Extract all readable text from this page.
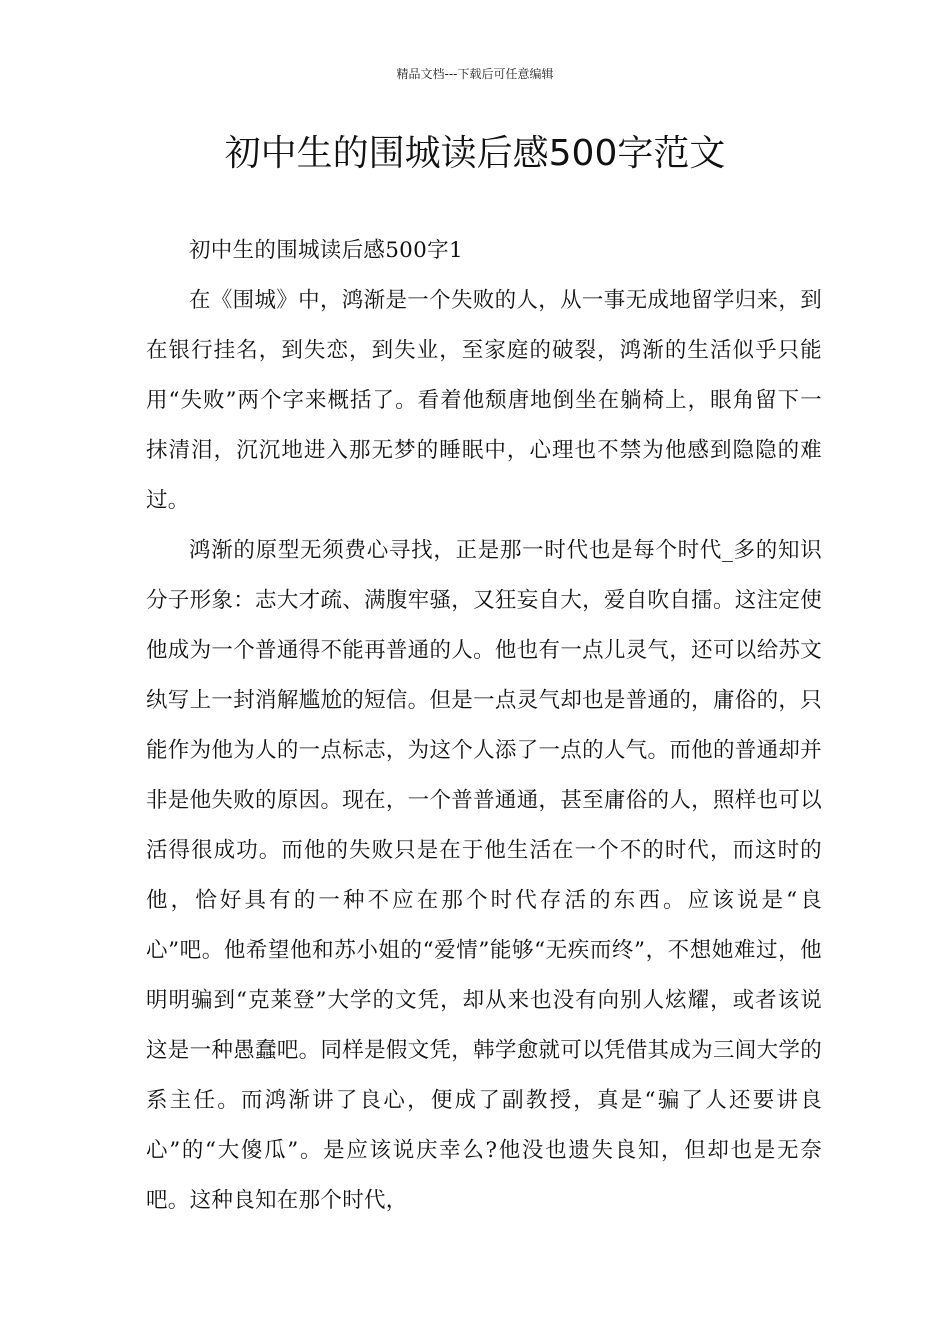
精品文档---下载后可任意编辑
初中生的围城读后感500字范文

初中生的围城读后感500字1

在《围城》中，鸿渐是一个失败的人，从一事无成地留学归来，到在银行挂名，到失恋，到失业，至家庭的破裂，鸿渐的生活似乎只能用“失败”两个字来概括了。看着他颓唐地倒坐在躺椅上，眼角留下一抹清泪，沉沉地进入那无梦的睡眠中，心理也不禁为他感到隐隐的难过。

鸿渐的原型无须费心寻找，正是那一时代也是每个时代_多的知识分子形象：志大才疏、满腹牢骚，又狂妄自大，爱自吹自擂。这注定使他成为一个普通得不能再普通的人。他也有一点儿灵气，还可以给苏文纨写上一封消解尴尬的短信。但是一点灵气却也是普通的，庸俗的，只能作为他为人的一点标志，为这个人添了一点的人气。而他的普通却并非是他失败的原因。现在，一个普普通通，甚至庸俗的人，照样也可以活得很成功。而他的失败只是在于他生活在一个不的时代，而这时的他，恰好具有的一种不应在那个时代存活的东西。应该说是“良心”吧。他希望他和苏小姐的“爱情”能够“无疾而终”，不想她难过，他明明骗到“克莱登”大学的文凭，却从来也没有向别人炫耀，或者该说这是一种愚蠢吧。同样是假文凭，韩学愈就可以凭借其成为三闾大学的系主任。而鸿渐讲了良心，便成了副教授，真是“骗了人还要讲良心”的“大傻瓜”。是应该说庆幸么?他没也遗失良知，但却也是无奈吧。这种良知在那个时代，
